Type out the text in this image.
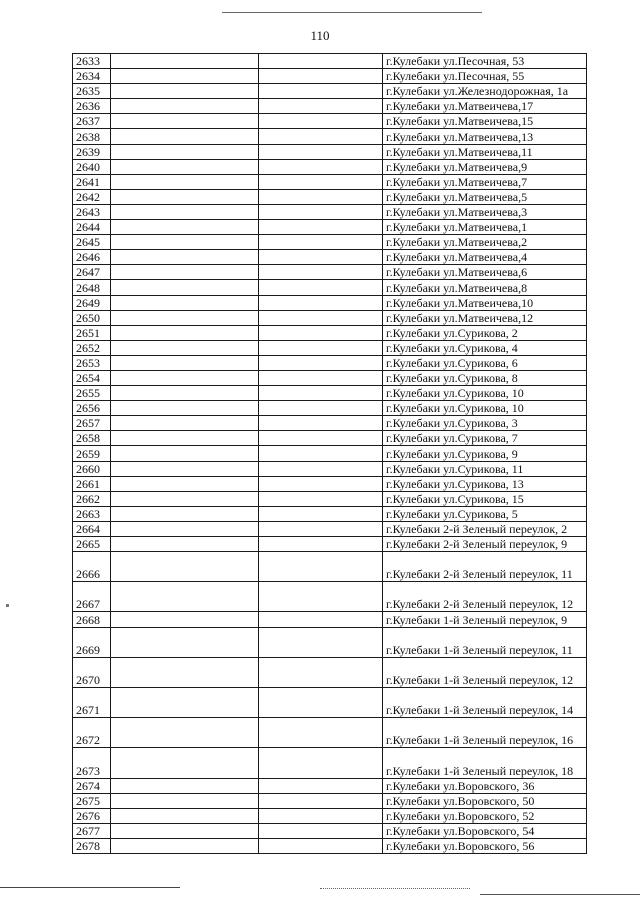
110
2633			г.Кулебаки ул.Песочная, 53
2634			г.Кулебаки ул.Песочная, 55
2635			г.Кулебаки ул.Железнодорожная, 1а
2636			г.Кулебаки ул.Матвеичева,17
2637			г.Кулебаки ул.Матвеичева,15
2638			г.Кулебаки ул.Матвеичева,13
2639			г.Кулебаки ул.Матвеичева,11
2640			г.Кулебаки ул.Матвеичева,9
2641			г.Кулебаки ул.Матвеичева,7
2642			г.Кулебаки ул.Матвеичева,5
2643			г.Кулебаки ул.Матвеичева,3
2644			г.Кулебаки ул.Матвеичева,1
2645			г.Кулебаки ул.Матвеичева,2
2646			г.Кулебаки ул.Матвеичева,4
2647			г.Кулебаки ул.Матвеичева,6
2648			г.Кулебаки ул.Матвеичева,8
2649			г.Кулебаки ул.Матвеичева,10
2650			г.Кулебаки ул.Матвеичева,12
2651			г.Кулебаки ул.Сурикова, 2
2652			г.Кулебаки ул.Сурикова, 4
2653			г.Кулебаки ул.Сурикова, 6
2654			г.Кулебаки ул.Сурикова, 8
2655			г.Кулебаки ул.Сурикова, 10
2656			г.Кулебаки ул.Сурикова, 10
2657			г.Кулебаки ул.Сурикова, 3
2658			г.Кулебаки ул.Сурикова, 7
2659			г.Кулебаки ул.Сурикова, 9
2660			г.Кулебаки ул.Сурикова, 11
2661			г.Кулебаки ул.Сурикова, 13
2662			г.Кулебаки ул.Сурикова, 15
2663			г.Кулебаки ул.Сурикова, 5
2664			г.Кулебаки 2-й Зеленый переулок, 2
2665			г.Кулебаки 2-й Зеленый переулок, 9
2666			г.Кулебаки 2-й Зеленый переулок, 11
2667			г.Кулебаки 2-й Зеленый переулок, 12
2668			г.Кулебаки 1-й Зеленый переулок, 9
2669			г.Кулебаки 1-й Зеленый переулок, 11
2670			г.Кулебаки 1-й Зеленый переулок, 12
2671			г.Кулебаки 1-й Зеленый переулок, 14
2672			г.Кулебаки 1-й Зеленый переулок, 16
2673			г.Кулебаки 1-й Зеленый переулок, 18
2674			г.Кулебаки ул.Воровского, 36
2675			г.Кулебаки ул.Воровского, 50
2676			г.Кулебаки ул.Воровского, 52
2677			г.Кулебаки ул.Воровского, 54
2678			г.Кулебаки ул.Воровского, 56
